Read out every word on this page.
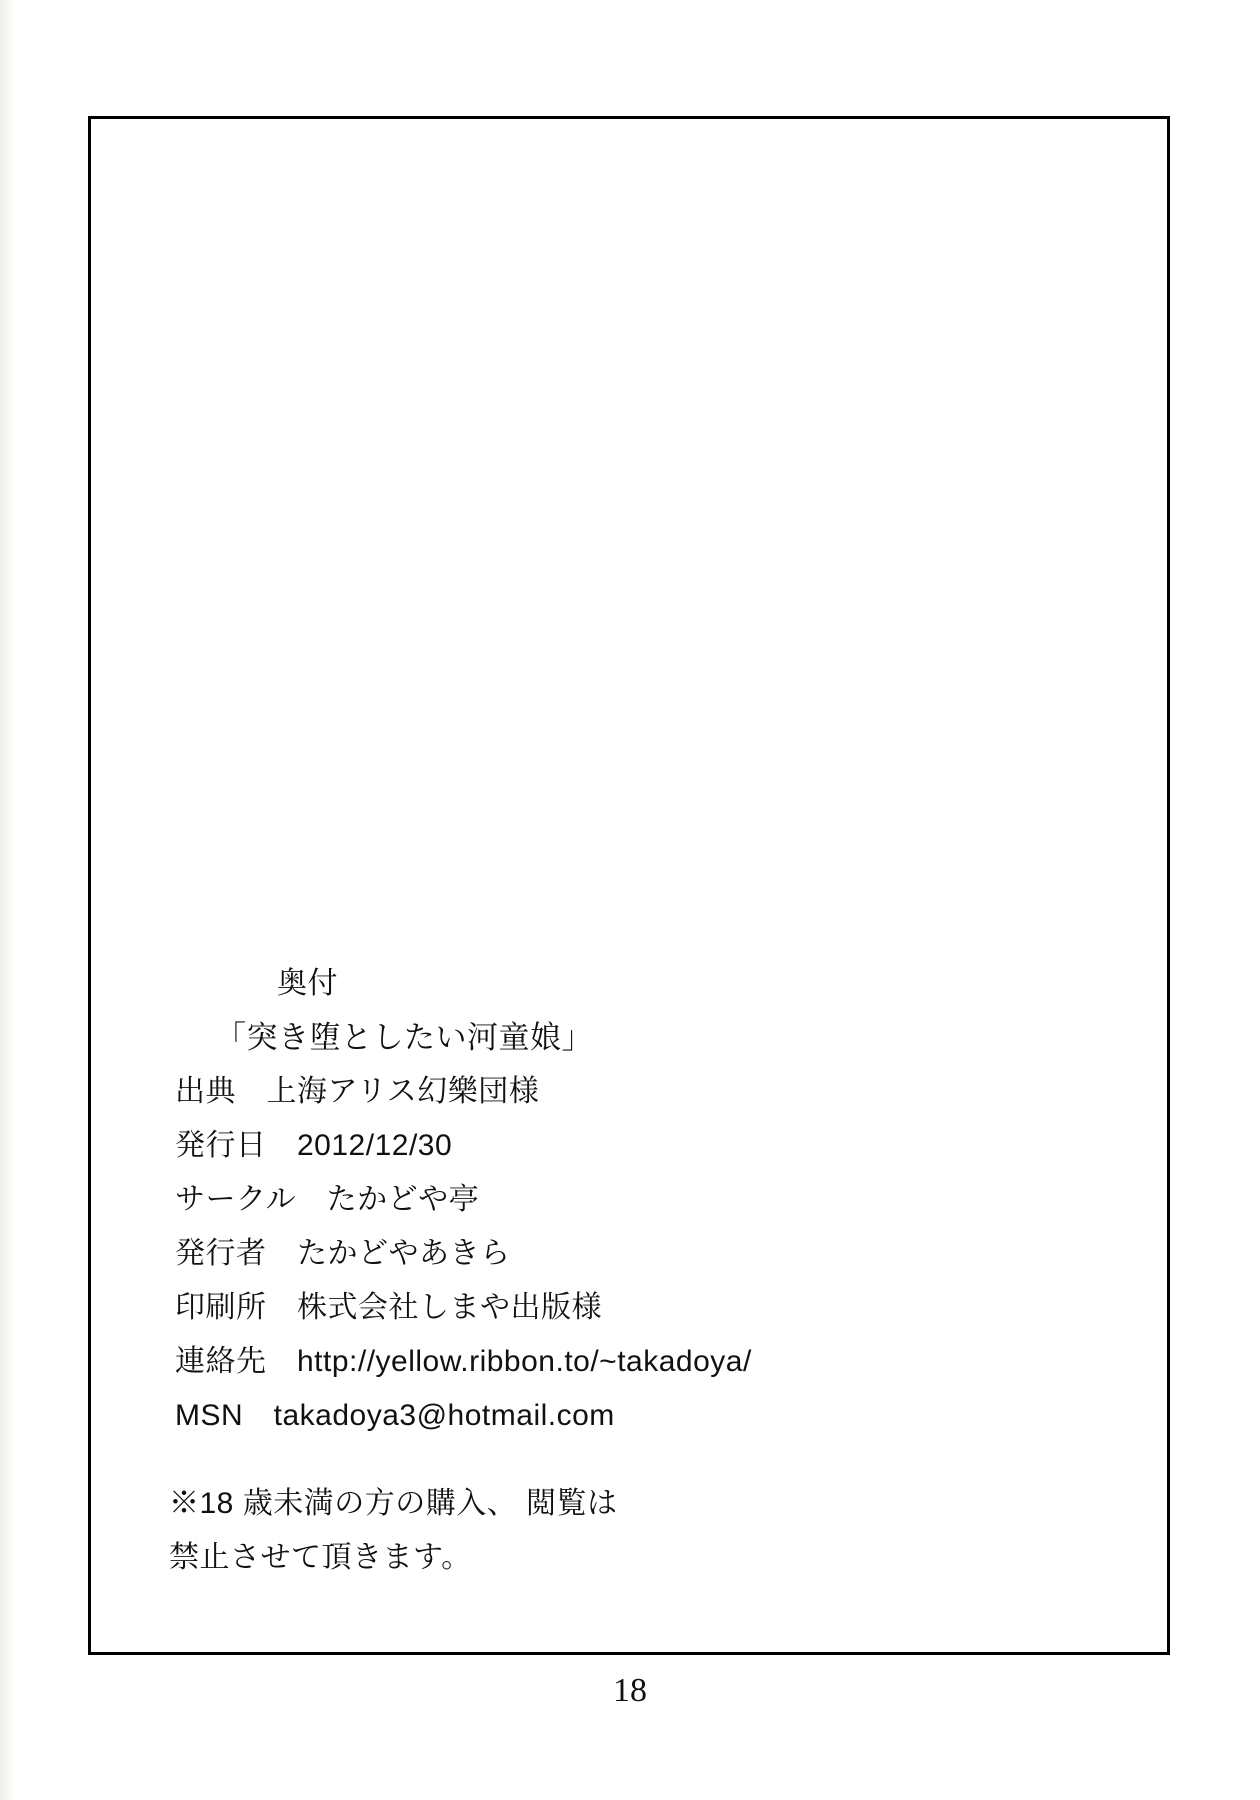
奥付
「突き堕としたい河童娘」
出典　上海アリス幻樂団様
発行日　2012/12/30
サークル　たかどや亭
発行者　たかどやあきら
印刷所　株式会社しまや出版様
連絡先　http://yellow.ribbon.to/~takadoya/
MSN　takadoya3@hotmail.com
※18 歳未満の方の購入、 閲覧は
禁止させて頂きます。
18
